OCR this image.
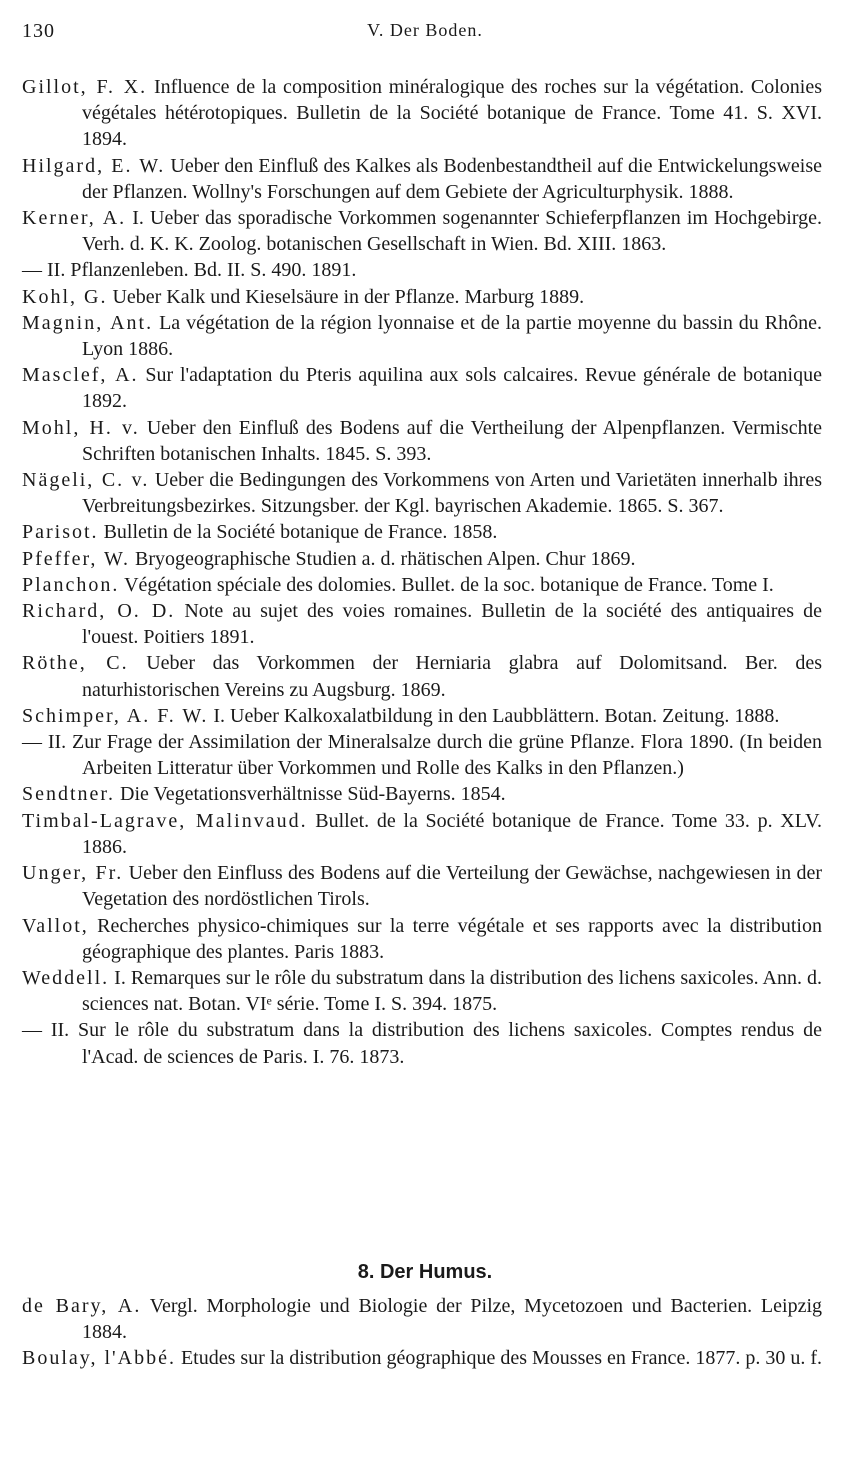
130	V. Der Boden.
Gillot, F. X. Influence de la composition minéralogique des roches sur la végétation. Colonies végétales hétérotopiques. Bulletin de la Société botanique de France. Tome 41. S. XVI. 1894.
Hilgard, E. W. Ueber den Einfluß des Kalkes als Bodenbestandtheil auf die Entwickelungsweise der Pflanzen. Wollny's Forschungen auf dem Gebiete der Agriculturphysik. 1888.
Kerner, A. I. Ueber das sporadische Vorkommen sogenannter Schieferpflanzen im Hochgebirge. Verh. d. K. K. Zoolog. botanischen Gesellschaft in Wien. Bd. XIII. 1863.
— II. Pflanzenleben. Bd. II. S. 490. 1891.
Kohl, G. Ueber Kalk und Kieselsäure in der Pflanze. Marburg 1889.
Magnin, Ant. La végétation de la région lyonnaise et de la partie moyenne du bassin du Rhône. Lyon 1886.
Masclef, A. Sur l'adaptation du Pteris aquilina aux sols calcaires. Revue générale de botanique 1892.
Mohl, H. v. Ueber den Einfluß des Bodens auf die Vertheilung der Alpenpflanzen. Vermischte Schriften botanischen Inhalts. 1845. S. 393.
Nägeli, C. v. Ueber die Bedingungen des Vorkommens von Arten und Varietäten innerhalb ihres Verbreitungsbezirkes. Sitzungsber. der Kgl. bayrischen Akademie. 1865. S. 367.
Parisot. Bulletin de la Société botanique de France. 1858.
Pfeffer, W. Bryogeographische Studien a. d. rhätischen Alpen. Chur 1869.
Planchon. Végétation spéciale des dolomies. Bullet. de la soc. botanique de France. Tome I.
Richard, O. D. Note au sujet des voies romaines. Bulletin de la société des antiquaires de l'ouest. Poitiers 1891.
Röthe, C. Ueber das Vorkommen der Herniaria glabra auf Dolomitsand. Ber. des naturhistorischen Vereins zu Augsburg. 1869.
Schimper, A. F. W. I. Ueber Kalkoxalatbildung in den Laubblättern. Botan. Zeitung. 1888.
— II. Zur Frage der Assimilation der Mineralsalze durch die grüne Pflanze. Flora 1890. (In beiden Arbeiten Litteratur über Vorkommen und Rolle des Kalks in den Pflanzen.)
Sendtner. Die Vegetationsverhältnisse Süd-Bayerns. 1854.
Timbal-Lagrave, Malinvaud. Bullet. de la Société botanique de France. Tome 33. p. XLV. 1886.
Unger, Fr. Ueber den Einfluss des Bodens auf die Verteilung der Gewächse, nachgewiesen in der Vegetation des nordöstlichen Tirols.
Vallot, Recherches physico-chimiques sur la terre végétale et ses rapports avec la distribution géographique des plantes. Paris 1883.
Weddell. I. Remarques sur le rôle du substratum dans la distribution des lichens saxicoles. Ann. d. sciences nat. Botan. VIᵉ série. Tome I. S. 394. 1875.
— II. Sur le rôle du substratum dans la distribution des lichens saxicoles. Comptes rendus de l'Acad. de sciences de Paris. I. 76. 1873.
8. Der Humus.
de Bary, A. Vergl. Morphologie und Biologie der Pilze, Mycetozoen und Bacterien. Leipzig 1884.
Boulay, l'Abbé. Etudes sur la distribution géographique des Mousses en France. 1877. p. 30 u. f.
